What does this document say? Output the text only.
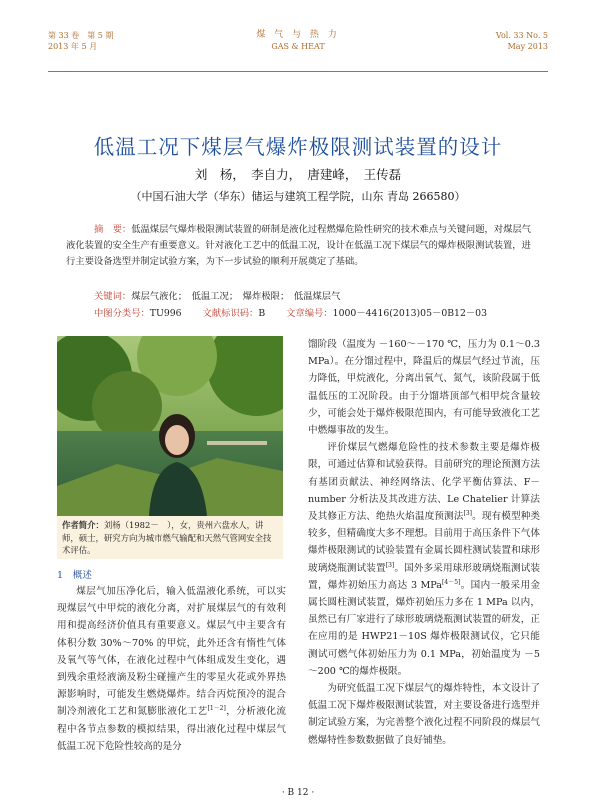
第 33 卷　第 5 期
2013 年 5 月
煤 气 与 热 力
GAS & HEAT
Vol. 33 No. 5
May 2013
低温工况下煤层气爆炸极限测试装置的设计
刘　杨，　李自力，　唐建峰，　王传磊
（中国石油大学（华东）储运与建筑工程学院，山东 青岛 266580）
摘　要：低温煤层气爆炸极限测试装置的研制是液化过程燃爆危险性研究的技术难点与关键问题，对煤层气液化装置的安全生产有重要意义。针对液化工艺中的低温工况，设计在低温工况下煤层气的爆炸极限测试装置，进行主要设备选型并制定试验方案，为下一步试验的顺利开展奠定了基础。
关键词：煤层气液化；　低温工况；　爆炸极限；　低温煤层气
中图分类号：TU996 文献标识码：B 文章编号：1000－4416(2013)05－0B12－03

作者简介：刘杨（1982－　），女，贵州六盘水人，讲师，硕士，研究方向为城市燃气输配和天然气管网安全技术评估。

1　概述

煤层气加压净化后，输入低温液化系统，可以实现煤层气中甲烷的液化分离，对扩展煤层气的有效利用和提高经济价值具有重要意义。煤层气中主要含有体积分数 30%～70% 的甲烷，此外还含有惰性气体及氧气等气体，在液化过程中气体组成发生变化，遇到残余重烃液滴及粉尘碰撞产生的零星火花或外界热源影响时，可能发生燃烧爆炸。结合丙烷预冷的混合制冷剂液化工艺和氮膨胀液化工艺[1－2]，分析液化流程中各节点参数的模拟结果，得出液化过程中煤层气低温工况下危险性较高的是分

馏阶段（温度为 －160～－170 ℃，压力为 0.1～0.3 MPa）。在分馏过程中，降温后的煤层气经过节流，压力降低，甲烷液化，分离出氧气、氮气，该阶段属于低温低压的工况阶段。由于分馏塔顶部气相甲烷含量较少，可能会处于爆炸极限范围内，有可能导致液化工艺中燃爆事故的发生。

评价煤层气燃爆危险性的技术参数主要是爆炸极限，可通过估算和试验获得。目前研究的理论预测方法有基团贡献法、神经网络法、化学平衡估算法、F－number 分析法及其改进方法、Le Chatelier 计算法及其修正方法、绝热火焰温度预测法[3]。现有模型种类较多，但精确度大多不理想。目前用于高压条件下气体爆炸极限测试的试验装置有金属长圆柱测试装置和球形玻璃烧瓶测试装置[3]。国外多采用球形玻璃烧瓶测试装置，爆炸初始压力高达 3 MPa[4－5]。国内一般采用金属长圆柱测试装置，爆炸初始压力多在 1 MPa 以内，虽然已有厂家进行了球形玻璃烧瓶测试装置的研发，正在应用的是 HWP21－10S 爆炸极限测试仪，它只能测试可燃气体初始压力为 0.1 MPa，初始温度为 －5～200 ℃的爆炸极限。

为研究低温工况下煤层气的爆炸特性，本文设计了低温工况下爆炸极限测试装置，对主要设备进行选型并制定试验方案，为完善整个液化过程不同阶段的煤层气燃爆特性参数数据做了良好铺垫。

· B 12 ·
